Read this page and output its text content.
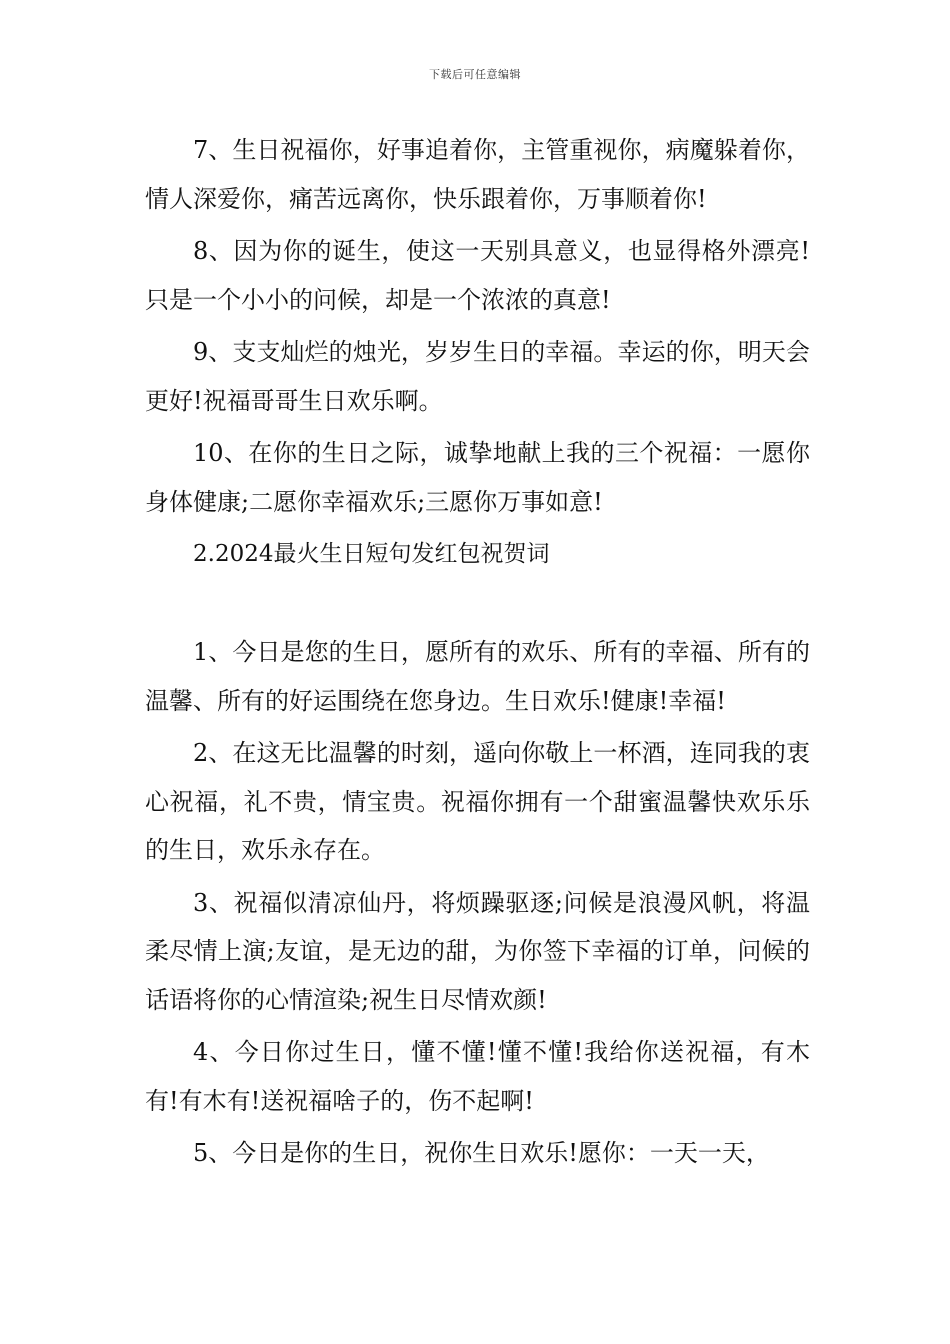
下载后可任意编辑

7、生日祝福你，好事追着你，主管重视你，病魔躲着你，情人深爱你，痛苦远离你，快乐跟着你，万事顺着你!

8、因为你的诞生，使这一天别具意义，也显得格外漂亮!只是一个小小的问候，却是一个浓浓的真意!

9、支支灿烂的烛光，岁岁生日的幸福。幸运的你，明天会更好!祝福哥哥生日欢乐啊。

10、在你的生日之际，诚挚地献上我的三个祝福：一愿你身体健康;二愿你幸福欢乐;三愿你万事如意!

2.2024最火生日短句发红包祝贺词

1、今日是您的生日，愿所有的欢乐、所有的幸福、所有的温馨、所有的好运围绕在您身边。生日欢乐!健康!幸福!

2、在这无比温馨的时刻，遥向你敬上一杯酒，连同我的衷心祝福，礼不贵，情宝贵。祝福你拥有一个甜蜜温馨快欢乐乐的生日，欢乐永存在。

3、祝福似清凉仙丹，将烦躁驱逐;问候是浪漫风帆，将温柔尽情上演;友谊，是无边的甜，为你签下幸福的订单，问候的话语将你的心情渲染;祝生日尽情欢颜!

4、今日你过生日，懂不懂!懂不懂!我给你送祝福，有木有!有木有!送祝福啥子的，伤不起啊!

5、今日是你的生日，祝你生日欢乐!愿你：一天一天，
